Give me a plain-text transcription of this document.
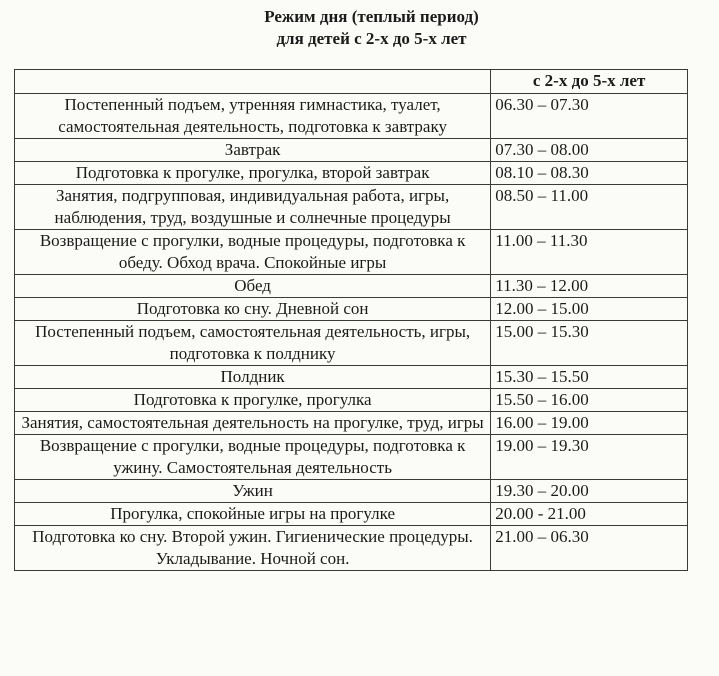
Режим дня (теплый период)
для детей с 2-х до 5-х лет
	с 2-х до 5-х лет
Постепенный подъем, утренняя гимнастика, туалет, самостоятельная деятельность, подготовка к завтраку	06.30 – 07.30
Завтрак	07.30 – 08.00
Подготовка к прогулке, прогулка, второй завтрак	08.10 – 08.30
Занятия, подгрупповая, индивидуальная работа, игры, наблюдения, труд, воздушные и солнечные процедуры	08.50 – 11.00
Возвращение с прогулки, водные процедуры, подготовка к обеду. Обход врача. Спокойные игры	11.00 – 11.30
Обед	11.30 – 12.00
Подготовка ко сну. Дневной сон	12.00 – 15.00
Постепенный подъем, самостоятельная деятельность, игры, подготовка к полднику	15.00 – 15.30
Полдник	15.30 – 15.50
Подготовка к прогулке, прогулка	15.50 – 16.00
Занятия, самостоятельная деятельность на прогулке, труд, игры	16.00 – 19.00
Возвращение с прогулки, водные процедуры, подготовка к ужину. Самостоятельная деятельность	19.00 – 19.30
Ужин	19.30 – 20.00
Прогулка, спокойные игры на прогулке	20.00 - 21.00
Подготовка ко сну. Второй ужин. Гигиенические процедуры. Укладывание. Ночной сон.	21.00 – 06.30
